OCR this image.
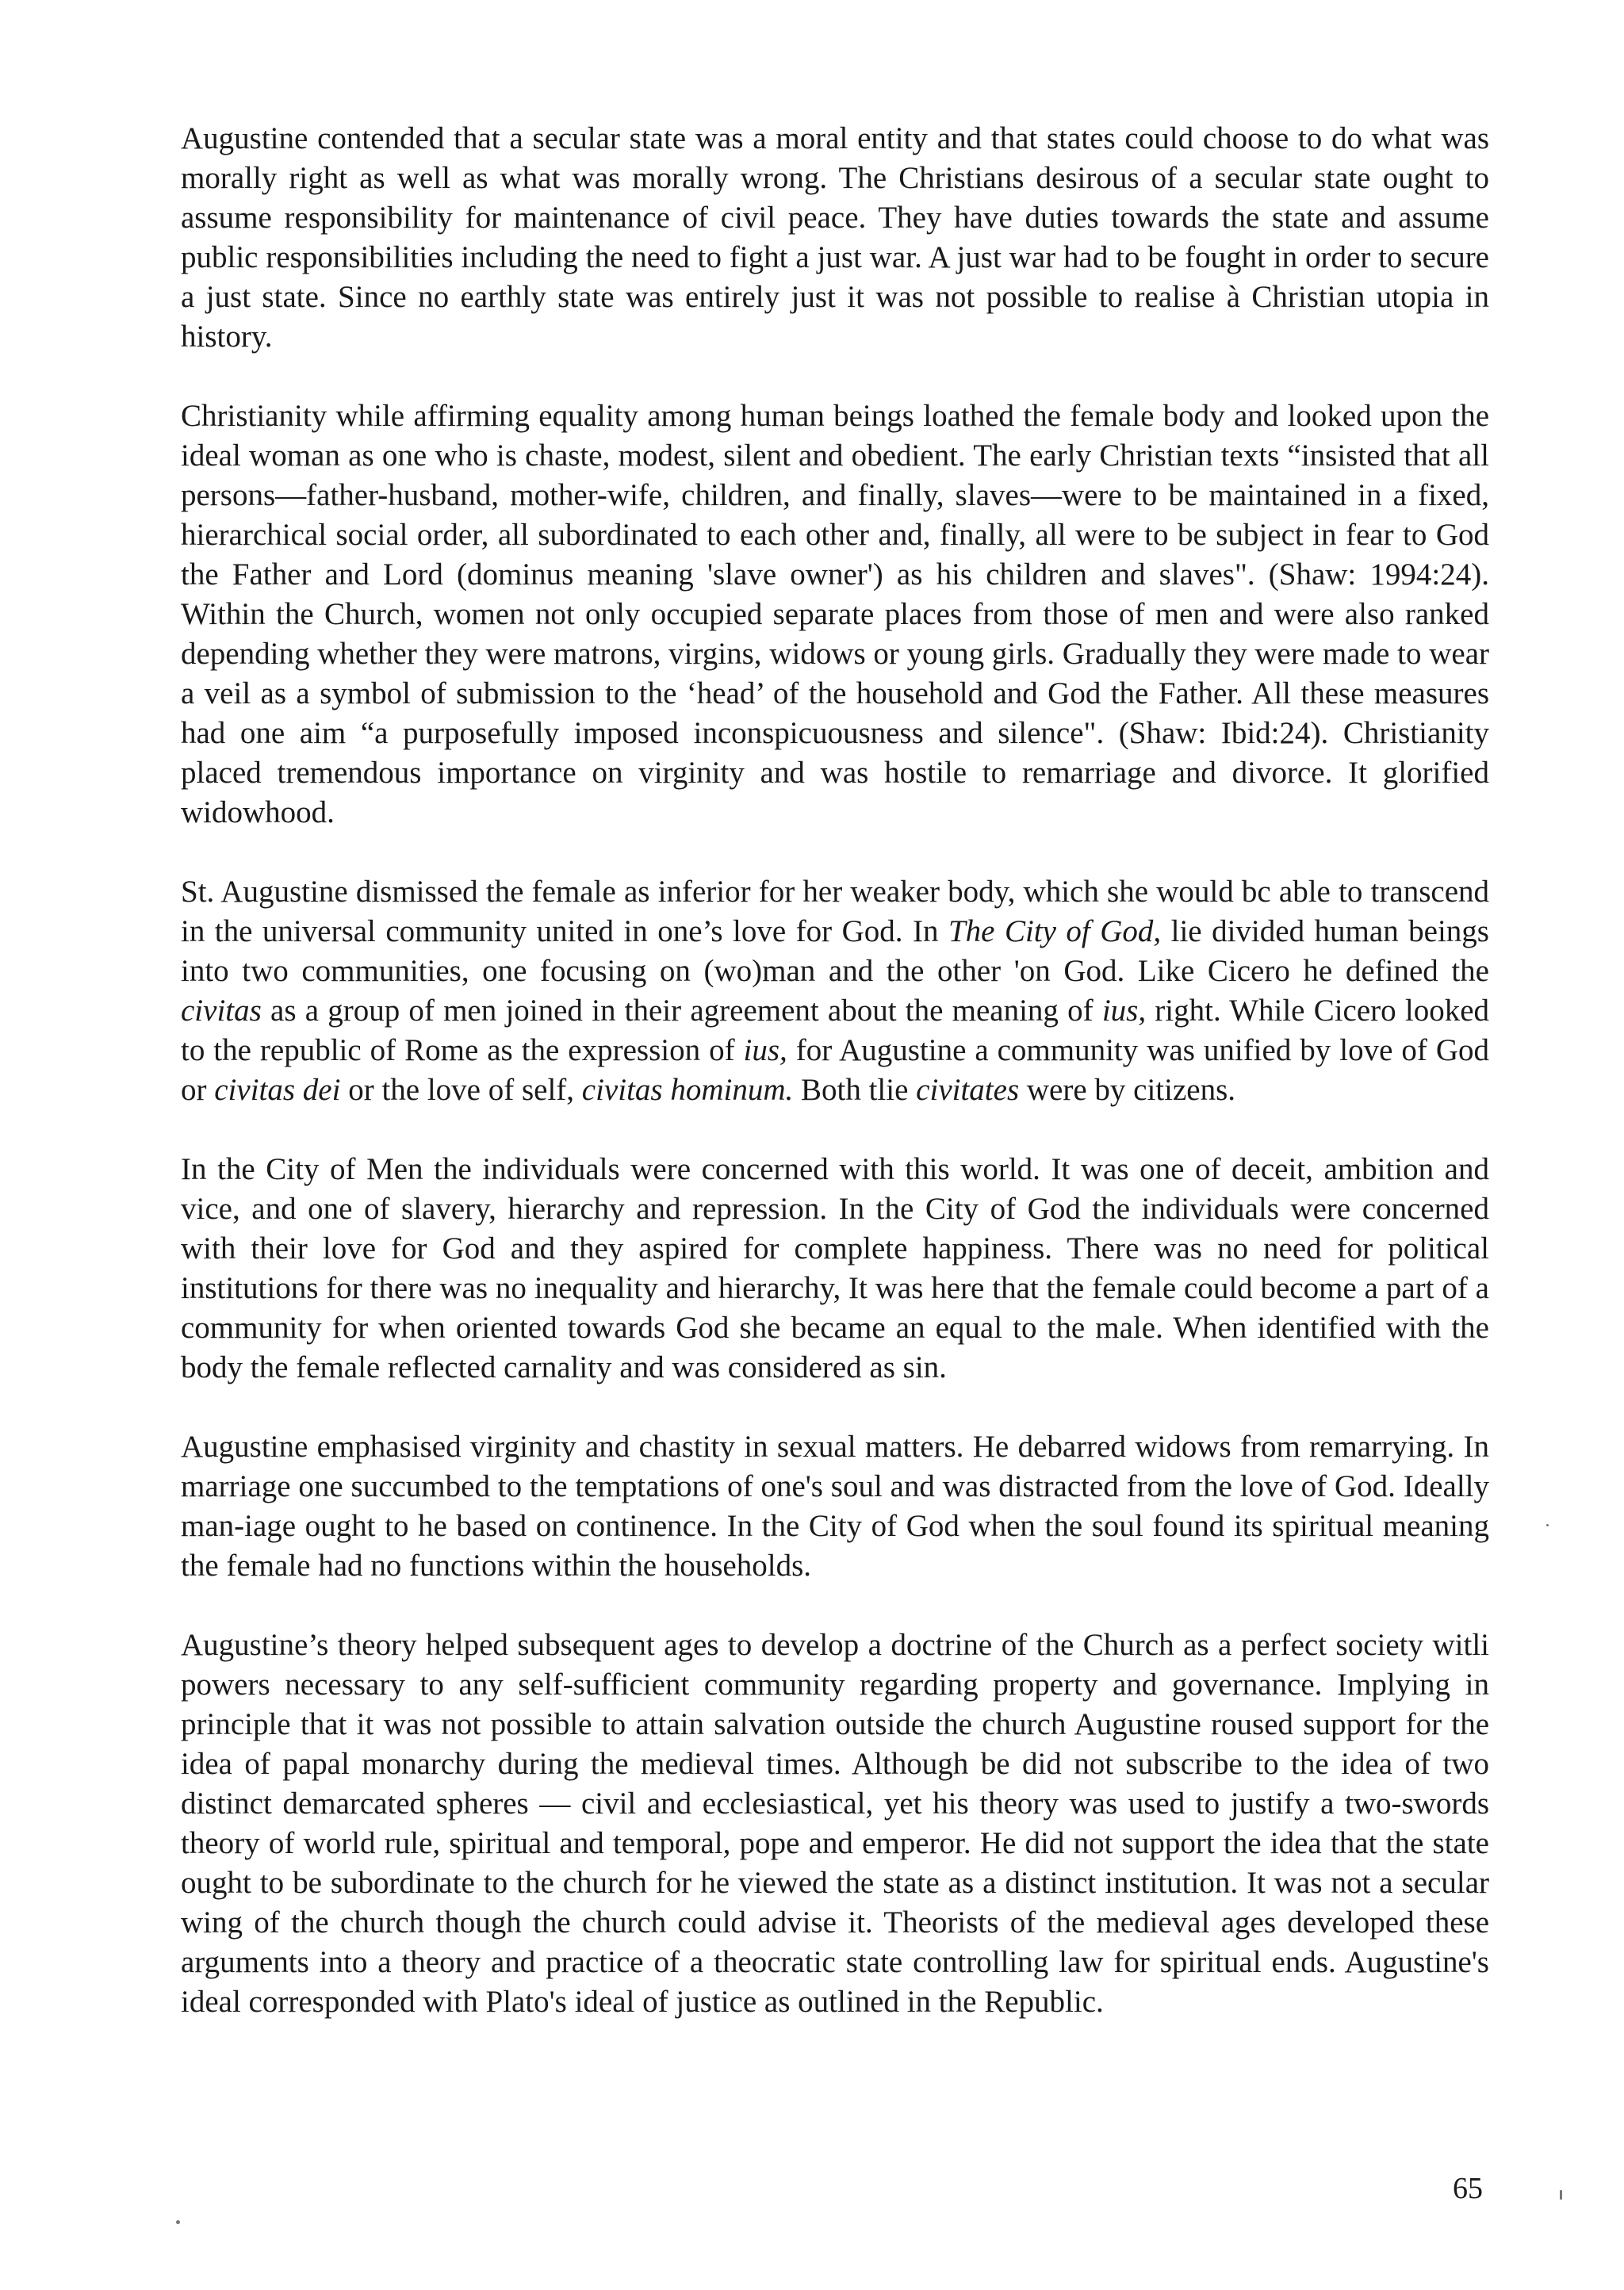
Augustine contended that a secular state was a moral entity and that states could choose to do what was morally right as well as what was morally wrong. The Christians desirous of a secular state ought to assume responsibility for maintenance of civil peace. They have duties towards the state and assume public responsibilities including the need to fight a just war. A just war had to be fought in order to secure a just state. Since no earthly state was entirely just it was not possible to realise à Christian utopia in history.

Christianity while affirming equality among human beings loathed the female body and looked upon the ideal woman as one who is chaste, modest, silent and obedient. The early Christian texts “insisted that all persons—father-husband, mother-wife, children, and finally, slaves—were to be maintained in a fixed, hierarchical social order, all subordinated to each other and, finally, all were to be subject in fear to God the Father and Lord (dominus meaning 'slave owner') as his children and slaves". (Shaw: 1994:24). Within the Church, women not only occupied separate places from those of men and were also ranked depending whether they were matrons, virgins, widows or young girls. Gradually they were made to wear a veil as a symbol of submission to the ‘head’ of the household and God the Father. All these measures had one aim “a purposefully imposed inconspicuousness and silence". (Shaw: Ibid:24). Christianity placed tremendous importance on virginity and was hostile to remarriage and divorce. It glorified widowhood.

St. Augustine dismissed the female as inferior for her weaker body, which she would bc able to transcend in the universal community united in one’s love for God. In The City of God, lie divided human beings into two communities, one focusing on (wo)man and the other 'on God. Like Cicero he defined the civitas as a group of men joined in their agreement about the meaning of ius, right. While Cicero looked to the republic of Rome as the expression of ius, for Augustine a community was unified by love of God or civitas dei or the love of self, civitas hominum. Both tlie civitates were by citizens.

In the City of Men the individuals were concerned with this world. It was one of deceit, ambition and vice, and one of slavery, hierarchy and repression. In the City of God the individuals were concerned with their love for God and they aspired for complete happiness. There was no need for political institutions for there was no inequality and hierarchy, It was here that the female could become a part of a community for when oriented towards God she became an equal to the male. When identified with the body the female reflected carnality and was considered as sin.

Augustine emphasised virginity and chastity in sexual matters. He debarred widows from remarrying. In marriage one succumbed to the temptations of one's soul and was distracted from the love of God. Ideally man-iage ought to he based on continence. In the City of God when the soul found its spiritual meaning the female had no functions within the households.

Augustine’s theory helped subsequent ages to develop a doctrine of the Church as a perfect society witli powers necessary to any self-sufficient community regarding property and governance. Implying in principle that it was not possible to attain salvation outside the church Augustine roused support for the idea of papal monarchy during the medieval times. Although be did not subscribe to the idea of two distinct demarcated spheres — civil and ecclesiastical, yet his theory was used to justify a two-swords theory of world rule, spiritual and temporal, pope and emperor. He did not support the idea that the state ought to be subordinate to the church for he viewed the state as a distinct institution. It was not a secular wing of the church though the church could advise it. Theorists of the medieval ages developed these arguments into a theory and practice of a theocratic state controlling law for spiritual ends. Augustine's ideal corresponded with Plato's ideal of justice as outlined in the Republic.

65
